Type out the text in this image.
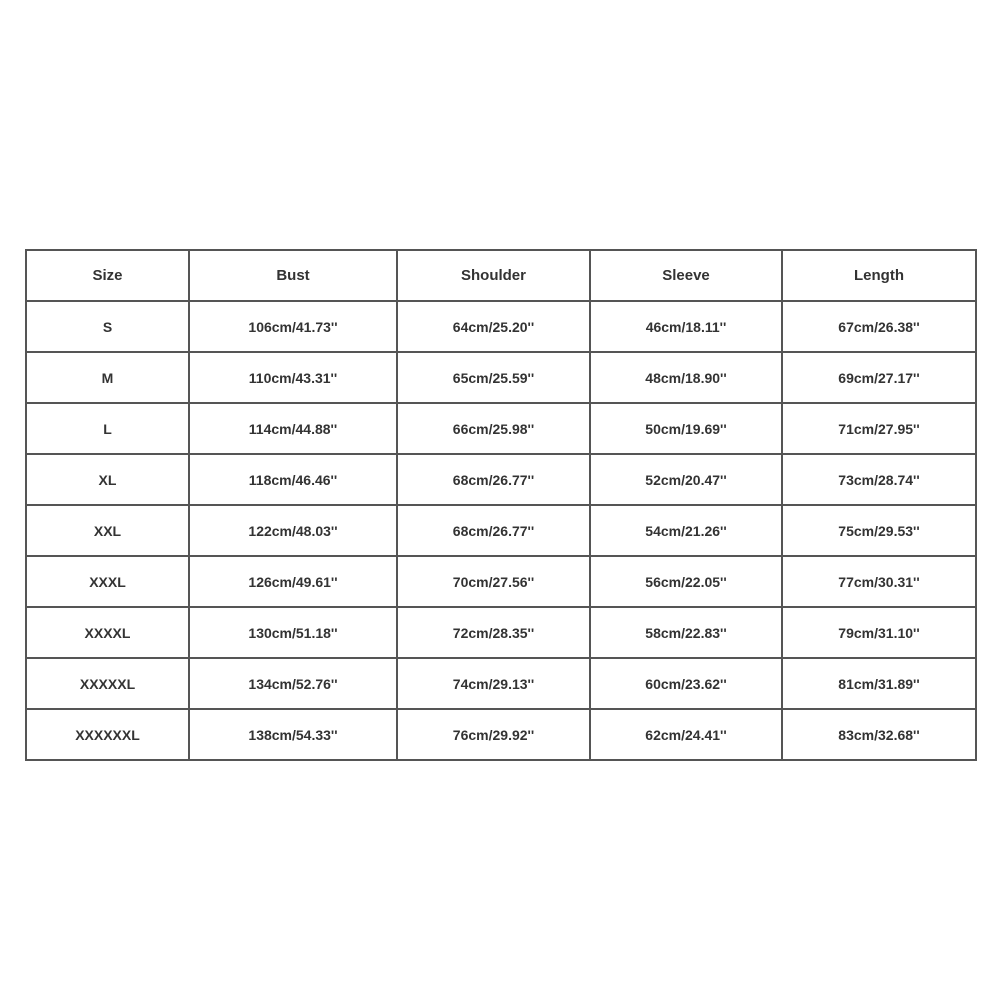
Size	Bust	Shoulder	Sleeve	Length
S	106cm/41.73''	64cm/25.20''	46cm/18.11''	67cm/26.38''
M	110cm/43.31''	65cm/25.59''	48cm/18.90''	69cm/27.17''
L	114cm/44.88''	66cm/25.98''	50cm/19.69''	71cm/27.95''
XL	118cm/46.46''	68cm/26.77''	52cm/20.47''	73cm/28.74''
XXL	122cm/48.03''	68cm/26.77''	54cm/21.26''	75cm/29.53''
XXXL	126cm/49.61''	70cm/27.56''	56cm/22.05''	77cm/30.31''
XXXXL	130cm/51.18''	72cm/28.35''	58cm/22.83''	79cm/31.10''
XXXXXL	134cm/52.76''	74cm/29.13''	60cm/23.62''	81cm/31.89''
XXXXXXL	138cm/54.33''	76cm/29.92''	62cm/24.41''	83cm/32.68''
